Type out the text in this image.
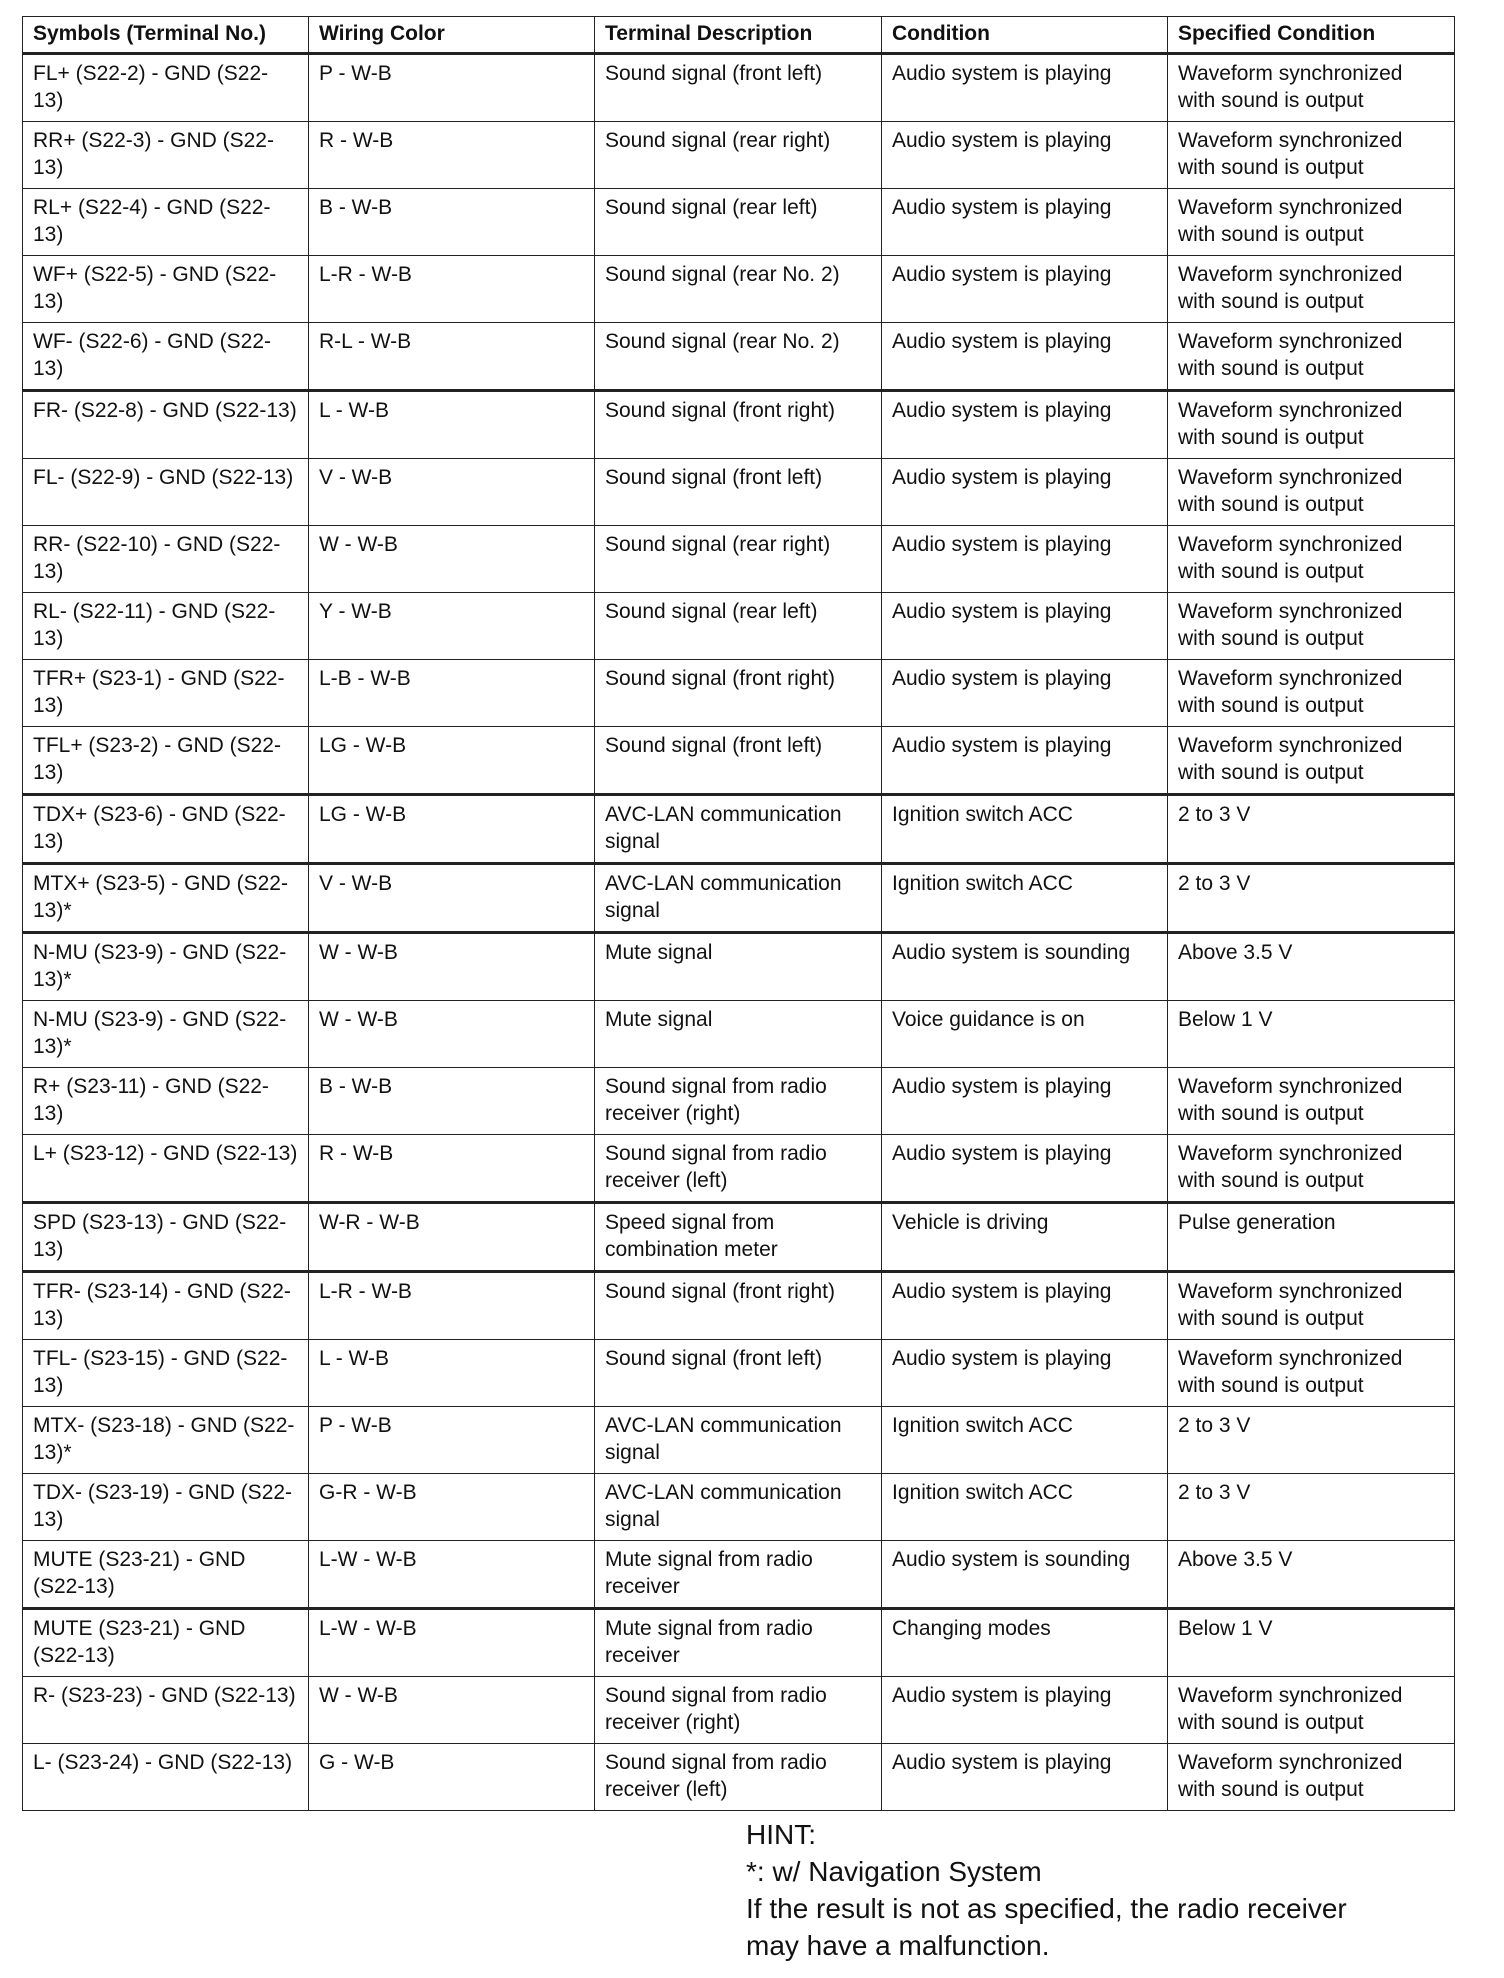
Symbols (Terminal No.)	Wiring Color	Terminal Description	Condition	Specified Condition
FL+ (S22-2) - GND (S22-13)	P - W-B	Sound signal (front left)	Audio system is playing	Waveform synchronized with sound is output
RR+ (S22-3) - GND (S22-13)	R - W-B	Sound signal (rear right)	Audio system is playing	Waveform synchronized with sound is output
RL+ (S22-4) - GND (S22-13)	B - W-B	Sound signal (rear left)	Audio system is playing	Waveform synchronized with sound is output
WF+ (S22-5) - GND (S22-13)	L-R - W-B	Sound signal (rear No. 2)	Audio system is playing	Waveform synchronized with sound is output
WF- (S22-6) - GND (S22-13)	R-L - W-B	Sound signal (rear No. 2)	Audio system is playing	Waveform synchronized with sound is output
FR- (S22-8) - GND (S22-13)	L - W-B	Sound signal (front right)	Audio system is playing	Waveform synchronized with sound is output
FL- (S22-9) - GND (S22-13)	V - W-B	Sound signal (front left)	Audio system is playing	Waveform synchronized with sound is output
RR- (S22-10) - GND (S22-13)	W - W-B	Sound signal (rear right)	Audio system is playing	Waveform synchronized with sound is output
RL- (S22-11) - GND (S22-13)	Y - W-B	Sound signal (rear left)	Audio system is playing	Waveform synchronized with sound is output
TFR+ (S23-1) - GND (S22-13)	L-B - W-B	Sound signal (front right)	Audio system is playing	Waveform synchronized with sound is output
TFL+ (S23-2) - GND (S22-13)	LG - W-B	Sound signal (front left)	Audio system is playing	Waveform synchronized with sound is output
TDX+ (S23-6) - GND (S22-13)	LG - W-B	AVC-LAN communication signal	Ignition switch ACC	2 to 3 V
MTX+ (S23-5) - GND (S22-13)*	V - W-B	AVC-LAN communication signal	Ignition switch ACC	2 to 3 V
N-MU (S23-9) - GND (S22-13)*	W - W-B	Mute signal	Audio system is sounding	Above 3.5 V
N-MU (S23-9) - GND (S22-13)*	W - W-B	Mute signal	Voice guidance is on	Below 1 V
R+ (S23-11) - GND (S22-13)	B - W-B	Sound signal from radio receiver (right)	Audio system is playing	Waveform synchronized with sound is output
L+ (S23-12) - GND (S22-13)	R - W-B	Sound signal from radio receiver (left)	Audio system is playing	Waveform synchronized with sound is output
SPD (S23-13) - GND (S22-13)	W-R - W-B	Speed signal from combination meter	Vehicle is driving	Pulse generation
TFR- (S23-14) - GND (S22-13)	L-R - W-B	Sound signal (front right)	Audio system is playing	Waveform synchronized with sound is output
TFL- (S23-15) - GND (S22-13)	L - W-B	Sound signal (front left)	Audio system is playing	Waveform synchronized with sound is output
MTX- (S23-18) - GND (S22-13)*	P - W-B	AVC-LAN communication signal	Ignition switch ACC	2 to 3 V
TDX- (S23-19) - GND (S22-13)	G-R - W-B	AVC-LAN communication signal	Ignition switch ACC	2 to 3 V
MUTE (S23-21) - GND (S22-13)	L-W - W-B	Mute signal from radio receiver	Audio system is sounding	Above 3.5 V
MUTE (S23-21) - GND (S22-13)	L-W - W-B	Mute signal from radio receiver	Changing modes	Below 1 V
R- (S23-23) - GND (S22-13)	W - W-B	Sound signal from radio receiver (right)	Audio system is playing	Waveform synchronized with sound is output
L- (S23-24) - GND (S22-13)	G - W-B	Sound signal from radio receiver (left)	Audio system is playing	Waveform synchronized with sound is output
HINT:
*: w/ Navigation System
If the result is not as specified, the radio receiver
may have a malfunction.
